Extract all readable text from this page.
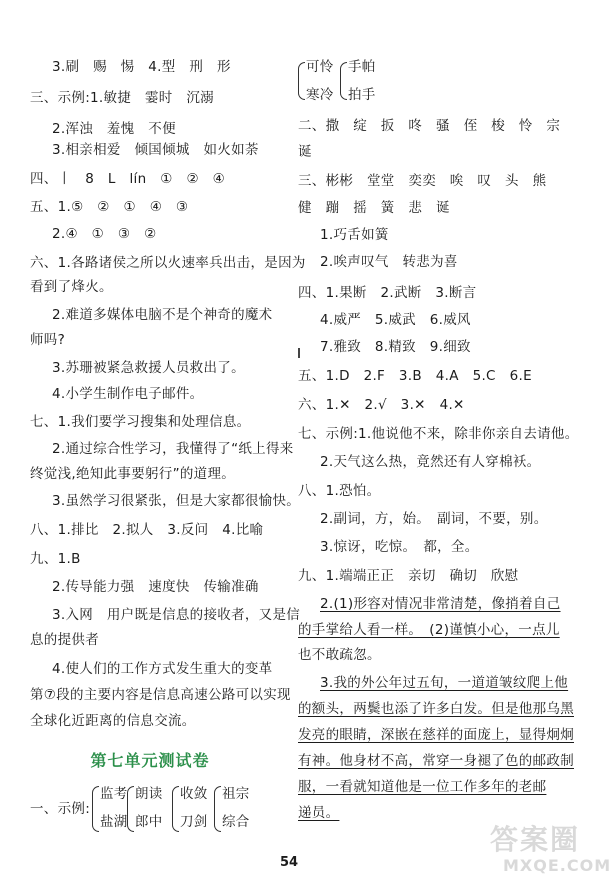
3.刷　赐　惕　4.型　刑　形
三、示例:1.敏捷　霎时　沉溺
2.浑浊　羞愧　不便
3.相亲相爱　倾国倾城　如火如荼
四、丨　8　L　lín　①　②　④
五、1.⑤　②　①　④　③
2.④　①　③　②
六、1.各路诸侯之所以火速率兵出击，是因为
看到了烽火。
2.难道多媒体电脑不是个神奇的魔术
师吗?
3.苏珊被紧急救援人员救出了。
4.小学生制作电子邮件。
七、1.我们要学习搜集和处理信息。
2.通过综合性学习，我懂得了“纸上得来
终觉浅,绝知此事要躬行”的道理。
3.虽然学习很紧张，但是大家都很愉快。
八、1.排比　2.拟人　3.反问　4.比喻
九、1.B
2.传导能力强　速度快　传输准确
3.入网　用户既是信息的接收者，又是信
息的提供者
4.使人们的工作方式发生重大的变革
第⑦段的主要内容是信息高速公路可以实现
全球化近距离的信息交流。
第七单元测试卷
一、示例:
监考
盐湖
朗读
郎中
收敛
刀剑
祖宗
综合
可怜
寒冷
手帕
拍手
二、撒　绽　扳　咚　骚　侄　梭　怜　宗
诞
三、彬彬　堂堂　奕奕　唉　叹　头　熊
健　蹦　摇　簧　悲　诞
1.巧舌如簧
2.唉声叹气　转悲为喜
四、1.果断　2.武断　3.断言
4.威严　5.威武　6.威风
7.雅致　8.精致　9.细致
五、1.D　2.F　3.B　4.A　5.C　6.E
六、1.✕　2.√　3.✕　4.✕
七、示例:1.他说他不来，除非你亲自去请他。
2.天气这么热，竟然还有人穿棉袄。
八、1.恐怕。
2.副词，方，始。　副词，不要，别。
3.惊讶，吃惊。　都，全。
九、1.端端正正　亲切　确切　欣慰
2.(1)形容对情况非常清楚，像捎着自己
的手掌给人看一样。　(2)谨慎小心，一点儿
也不敢疏忽。
3.我的外公年过五旬，一道道皱纹爬上他
的额头，两鬓也添了许多白发。但是他那乌黑
发亮的眼睛，深嵌在慈祥的面庞上，显得炯炯
有神。他身材不高，常穿一身褪了色的邮政制
服，一看就知道他是一位工作多年的老邮
递员。
54
答案圈
MXQE.COM
